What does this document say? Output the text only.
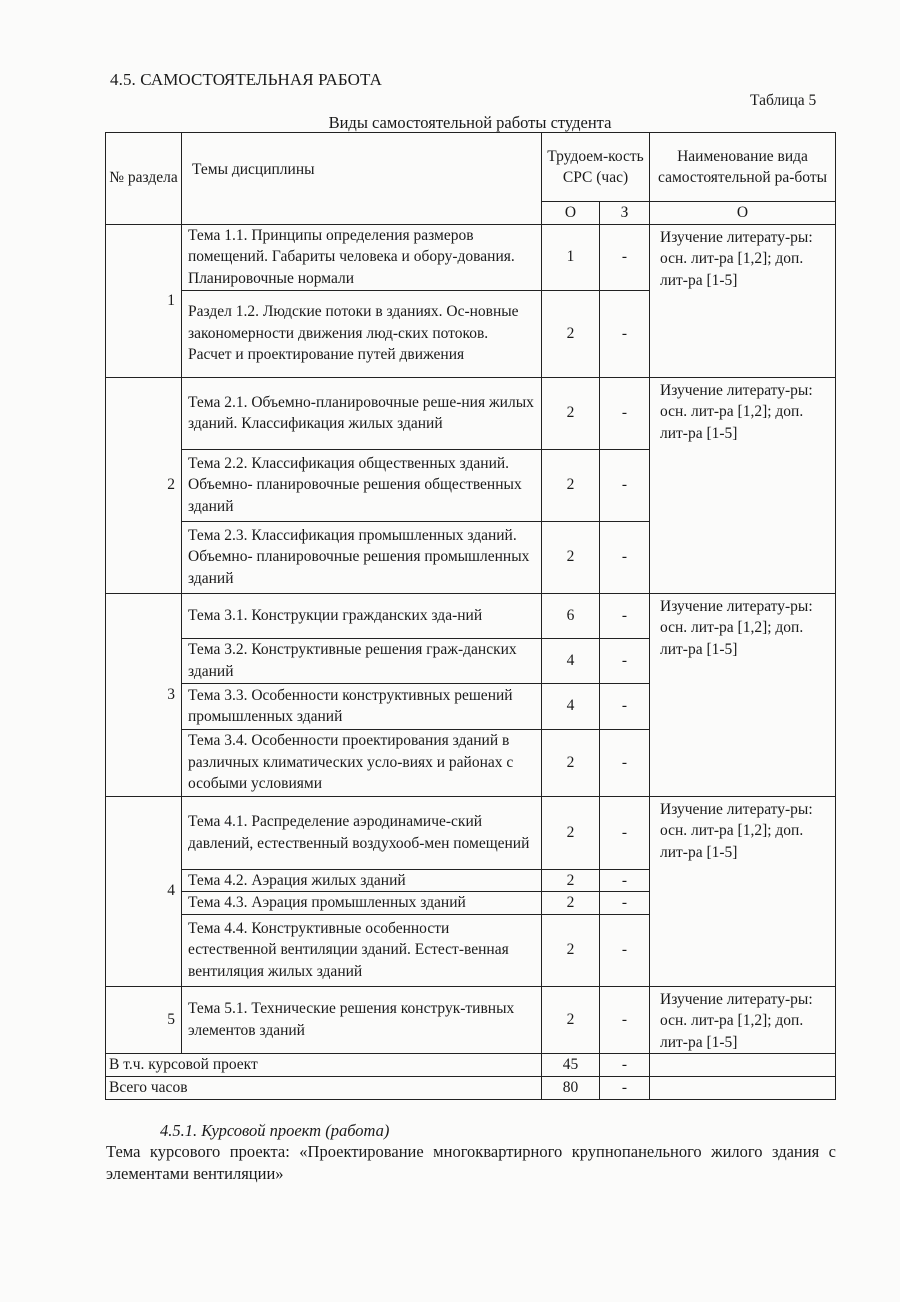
4.5. САМОСТОЯТЕЛЬНАЯ РАБОТА
Таблица 5
Виды самостоятельной работы студента
№ раздела	Темы дисциплины	Трудоем-кость СРС (час)		Наименование вида самостоятельной ра-боты
		О	З	О
1	Тема 1.1. Принципы определения размеров помещений. Габариты человека и обору-дования. Планировочные нормали	1	-	Изучение литерату-ры: осн. лит-ра [1,2]; доп. лит-ра [1-5]
	Раздел 1.2. Людские потоки в зданиях. Ос-новные закономерности движения люд-ских потоков. Расчет и проектирование путей движения	2	-	
2	Тема 2.1. Объемно-планировочные реше-ния жилых зданий. Классификация жилых зданий	2	-	Изучение литерату-ры: осн. лит-ра [1,2]; доп. лит-ра [1-5]
	Тема 2.2. Классификация общественных зданий. Объемно- планировочные решения общественных зданий	2	-	
	Тема 2.3. Классификация промышленных зданий. Объемно- планировочные решения промышленных зданий	2	-	
3	Тема 3.1. Конструкции гражданских зда-ний	6	-	Изучение литерату-ры: осн. лит-ра [1,2]; доп. лит-ра [1-5]
	Тема 3.2. Конструктивные решения граж-данских зданий	4	-	
	Тема 3.3. Особенности конструктивных решений промышленных зданий	4	-	
	Тема 3.4. Особенности проектирования зданий в различных климатических усло-виях и районах с особыми условиями	2	-	
4	Тема 4.1. Распределение аэродинамиче-ский давлений, естественный воздухооб-мен помещений	2	-	Изучение литерату-ры: осн. лит-ра [1,2]; доп. лит-ра [1-5]
	Тема 4.2. Аэрация жилых зданий	2	-	
	Тема 4.3. Аэрация промышленных зданий	2	-	
	Тема 4.4. Конструктивные особенности естественной вентиляции зданий. Естест-венная вентиляция жилых зданий	2	-	
5	Тема 5.1. Технические решения конструк-тивных элементов зданий	2	-	Изучение литерату-ры: осн. лит-ра [1,2]; доп. лит-ра [1-5]
В т.ч. курсовой проект		45	-	
Всего часов		80	-	
4.5.1. Курсовой проект (работа)
Тема курсового проекта: «Проектирование многоквартирного крупнопанельного жилого здания с элементами вентиляции»
